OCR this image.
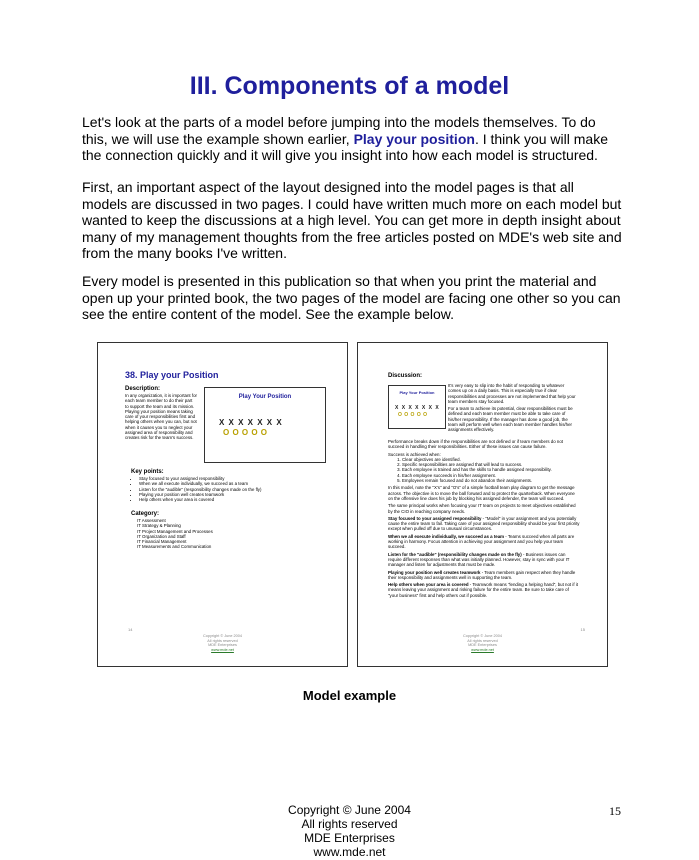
III. Components of a model

Let's look at the parts of a model before jumping into the models themselves. To do this, we will use the example shown earlier, Play your position. I think you will make the connection quickly and it will give you insight into how each model is structured.

First, an important aspect of the layout designed into the model pages is that all models are discussed in two pages. I could have written much more on each model but wanted to keep the discussions at a high level. You can get more in depth insight about many of my management thoughts from the free articles posted on MDE's web site and from the many books I've written.

Every model is presented in this publication so that when you print the material and open up your printed book, the two pages of the model are facing one other so you can see the entire content of the model. See the example below.

38. Play your Position
Description:
In any organization, it is important for each team member to do their part to support the team and its mission. Playing your position means taking care of your responsibilities first and helping others when you can, but not when it causes you to neglect your assigned area of responsibility and creates risk for the team's success.
Play Your Position
X X X X X X X
O O O O O
Key points:
• Stay focused to your assigned responsibility
• When we all execute individually, we succeed as a team
• Listen for the "audible" (responsibility changes made on the fly)
• Playing your position well creates teamwork
• Help others when your area is covered
Category:
IT Assessment
IT Strategy & Planning
IT Project Management and Processes
IT Organization and Staff
IT Financial Management
IT Measurements and Communication
14
Copyright © June 2004
All rights reserved
MDE Enterprises
www.mde.net
Discussion:
Play Your Position
X X X X X X X
O O O O O
It's very easy to slip into the habit of responding to whatever comes up on a daily basis. This is especially true if clear responsibilities and processes are not implemented that help your team members stay focused.
For a team to achieve its potential, clear responsibilities must be defined and each team member must be able to take care of his/her responsibility. If the manager has done a good job, the team will perform well when each team member handles his/her assignments effectively.
Performance breaks down if the responsibilities are not defined or if team members do not succeed in handling their responsibilities. Either of these issues can cause failure.
Success is achieved when:
1. Clear objectives are identified.
2. Specific responsibilities are assigned that will lead to success.
3. Each employee is trained and has the skills to handle assigned responsibility.
4. Each employee succeeds in his/her assignment.
5. Employees remain focused and do not abandon their assignments.
In this model, note the "X's" and "O's" of a simple football team play diagram to get the message across. The objective is to move the ball forward and to protect the quarterback. When everyone on the offensive line does his job by blocking his assigned defender, the team will succeed.
The same principal works when focusing your IT team on projects to meet objectives established by the CIO in reaching company needs.
Stay focused to your assigned responsibility - "Model" in your assignment and you potentially cause the entire team to fail. Taking care of your assigned responsibility should be your first priority except when pulled off due to unusual circumstances.
When we all execute individually, we succeed as a team - Teams succeed when all parts are working in harmony. Focus attention in achieving your assignment and you help your team succeed.
Listen for the "audible" (responsibility changes made on the fly) - Business issues can require different responses than what was initially planned. However, stay in sync with your IT manager and listen for adjustments that must be made.
Playing your position well creates teamwork - Team members gain respect when they handle their responsibility and assignments well in supporting the team.
Help others when your area is covered - Teamwork means "lending a helping hand", but not if it means leaving your assignment and risking failure for the entire team. Be sure to take care of "your business" first and help others out if possible.
15
Copyright © June 2004
All rights reserved
MDE Enterprises
www.mde.net
Model example
Copyright © June 2004
All rights reserved
MDE Enterprises
www.mde.net
15
